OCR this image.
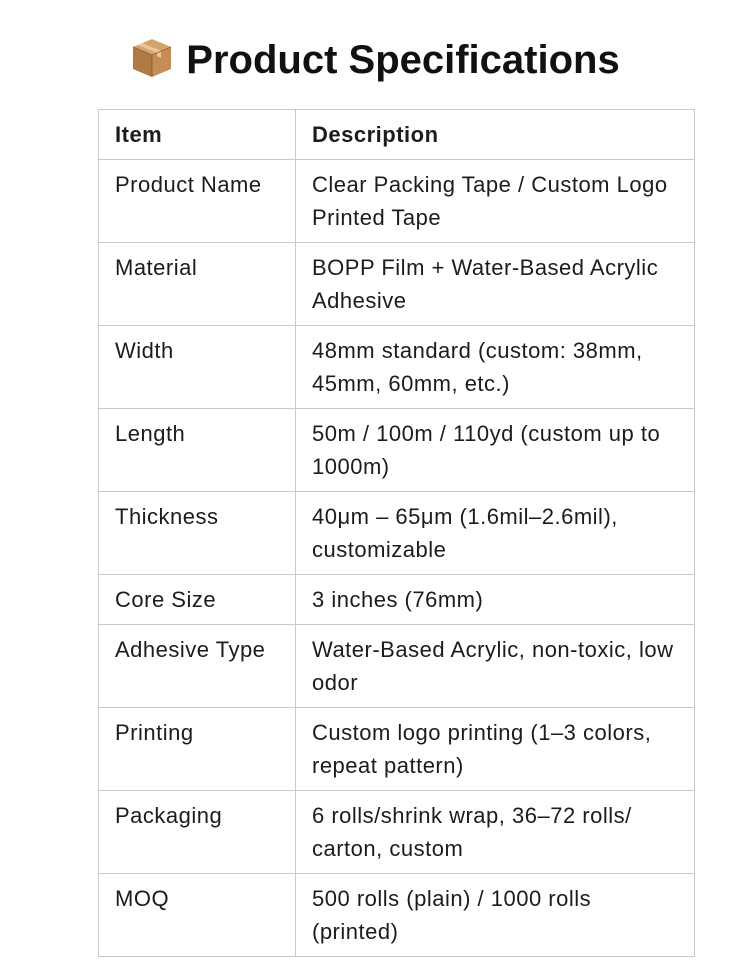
Product Specifications
Item	Description
Product Name	Clear Packing Tape / Custom Logo Printed Tape
Material	BOPP Film + Water-Based Acrylic Adhesive
Width	48mm standard (custom: 38mm, 45mm, 60mm, etc.)
Length	50m / 100m / 110yd (custom up to 1000m)
Thickness	40μm – 65μm (1.6mil–2.6mil), customizable
Core Size	3 inches (76mm)
Adhesive Type	Water-Based Acrylic, non-toxic, low odor
Printing	Custom logo printing (1–3 colors, repeat pattern)
Packaging	6 rolls/shrink wrap, 36–72 rolls/ carton, custom
MOQ	500 rolls (plain) / 1000 rolls (printed)
